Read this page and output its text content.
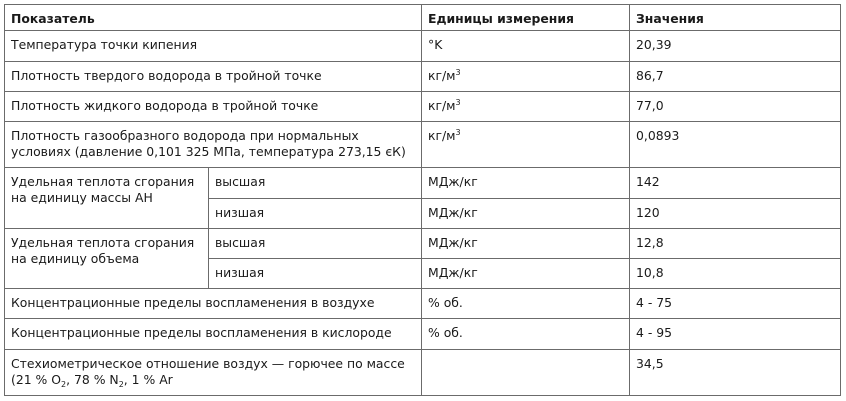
Показатель		Единицы измерения	Значения
Температура точки кипения		°K	20,39
Плотность твердого водорода в тройной точке		$кг/м^3$	86,7
Плотность жидкого водорода в тройной точке		$кг/м^3$	77,0

Плотность газообразного водорода при нормальных
условиях (давление 0,101 325 МПа, температура 273,15 єК)		$кг/м^3$	0,0893

Удельная теплота сгорания
на единицу массы АН	высшая	МДж/кг	142
	низшая	МДж/кг	120

Удельная теплота сгорания
на единицу объема	высшая	МДж/кг	12,8
	низшая	МДж/кг	10,8
Концентрационные пределы воспламенения в воздухе		% об.	4 - 75
Концентрационные пределы воспламенения в кислороде		% об.	4 - 95

Стехиометрическое отношение воздух — горючее по массе
(21 % $O_2$, 78 % $N_2$, 1 % Ar			34,5
